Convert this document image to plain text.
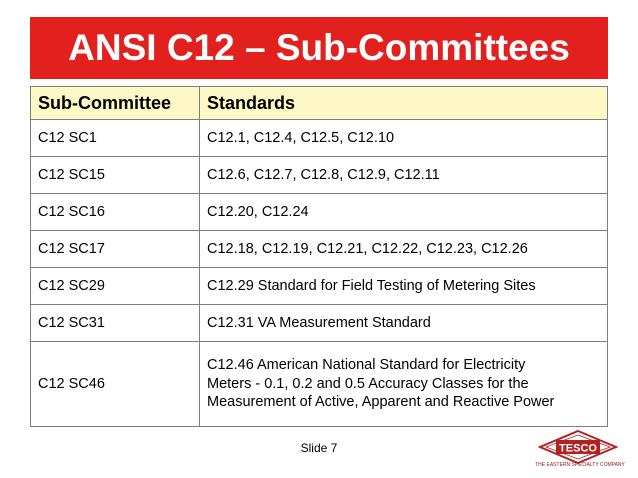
ANSI C12 – Sub-Committees
Sub-Committee	Standards
C12 SC1	C12.1, C12.4, C12.5, C12.10
C12 SC15	C12.6, C12.7, C12.8, C12.9, C12.11
C12 SC16	C12.20, C12.24
C12 SC17	C12.18, C12.19, C12.21, C12.22, C12.23, C12.26
C12 SC29	C12.29 Standard for Field Testing of Metering Sites
C12 SC31	C12.31 VA Measurement Standard
C12 SC46	C12.46 American National Standard for Electricity
Meters - 0.1, 0.2 and 0.5 Accuracy Classes for the
Measurement of Active, Apparent and Reactive Power
Slide 7	TESCO
THE EASTERN SPECIALTY COMPANY
